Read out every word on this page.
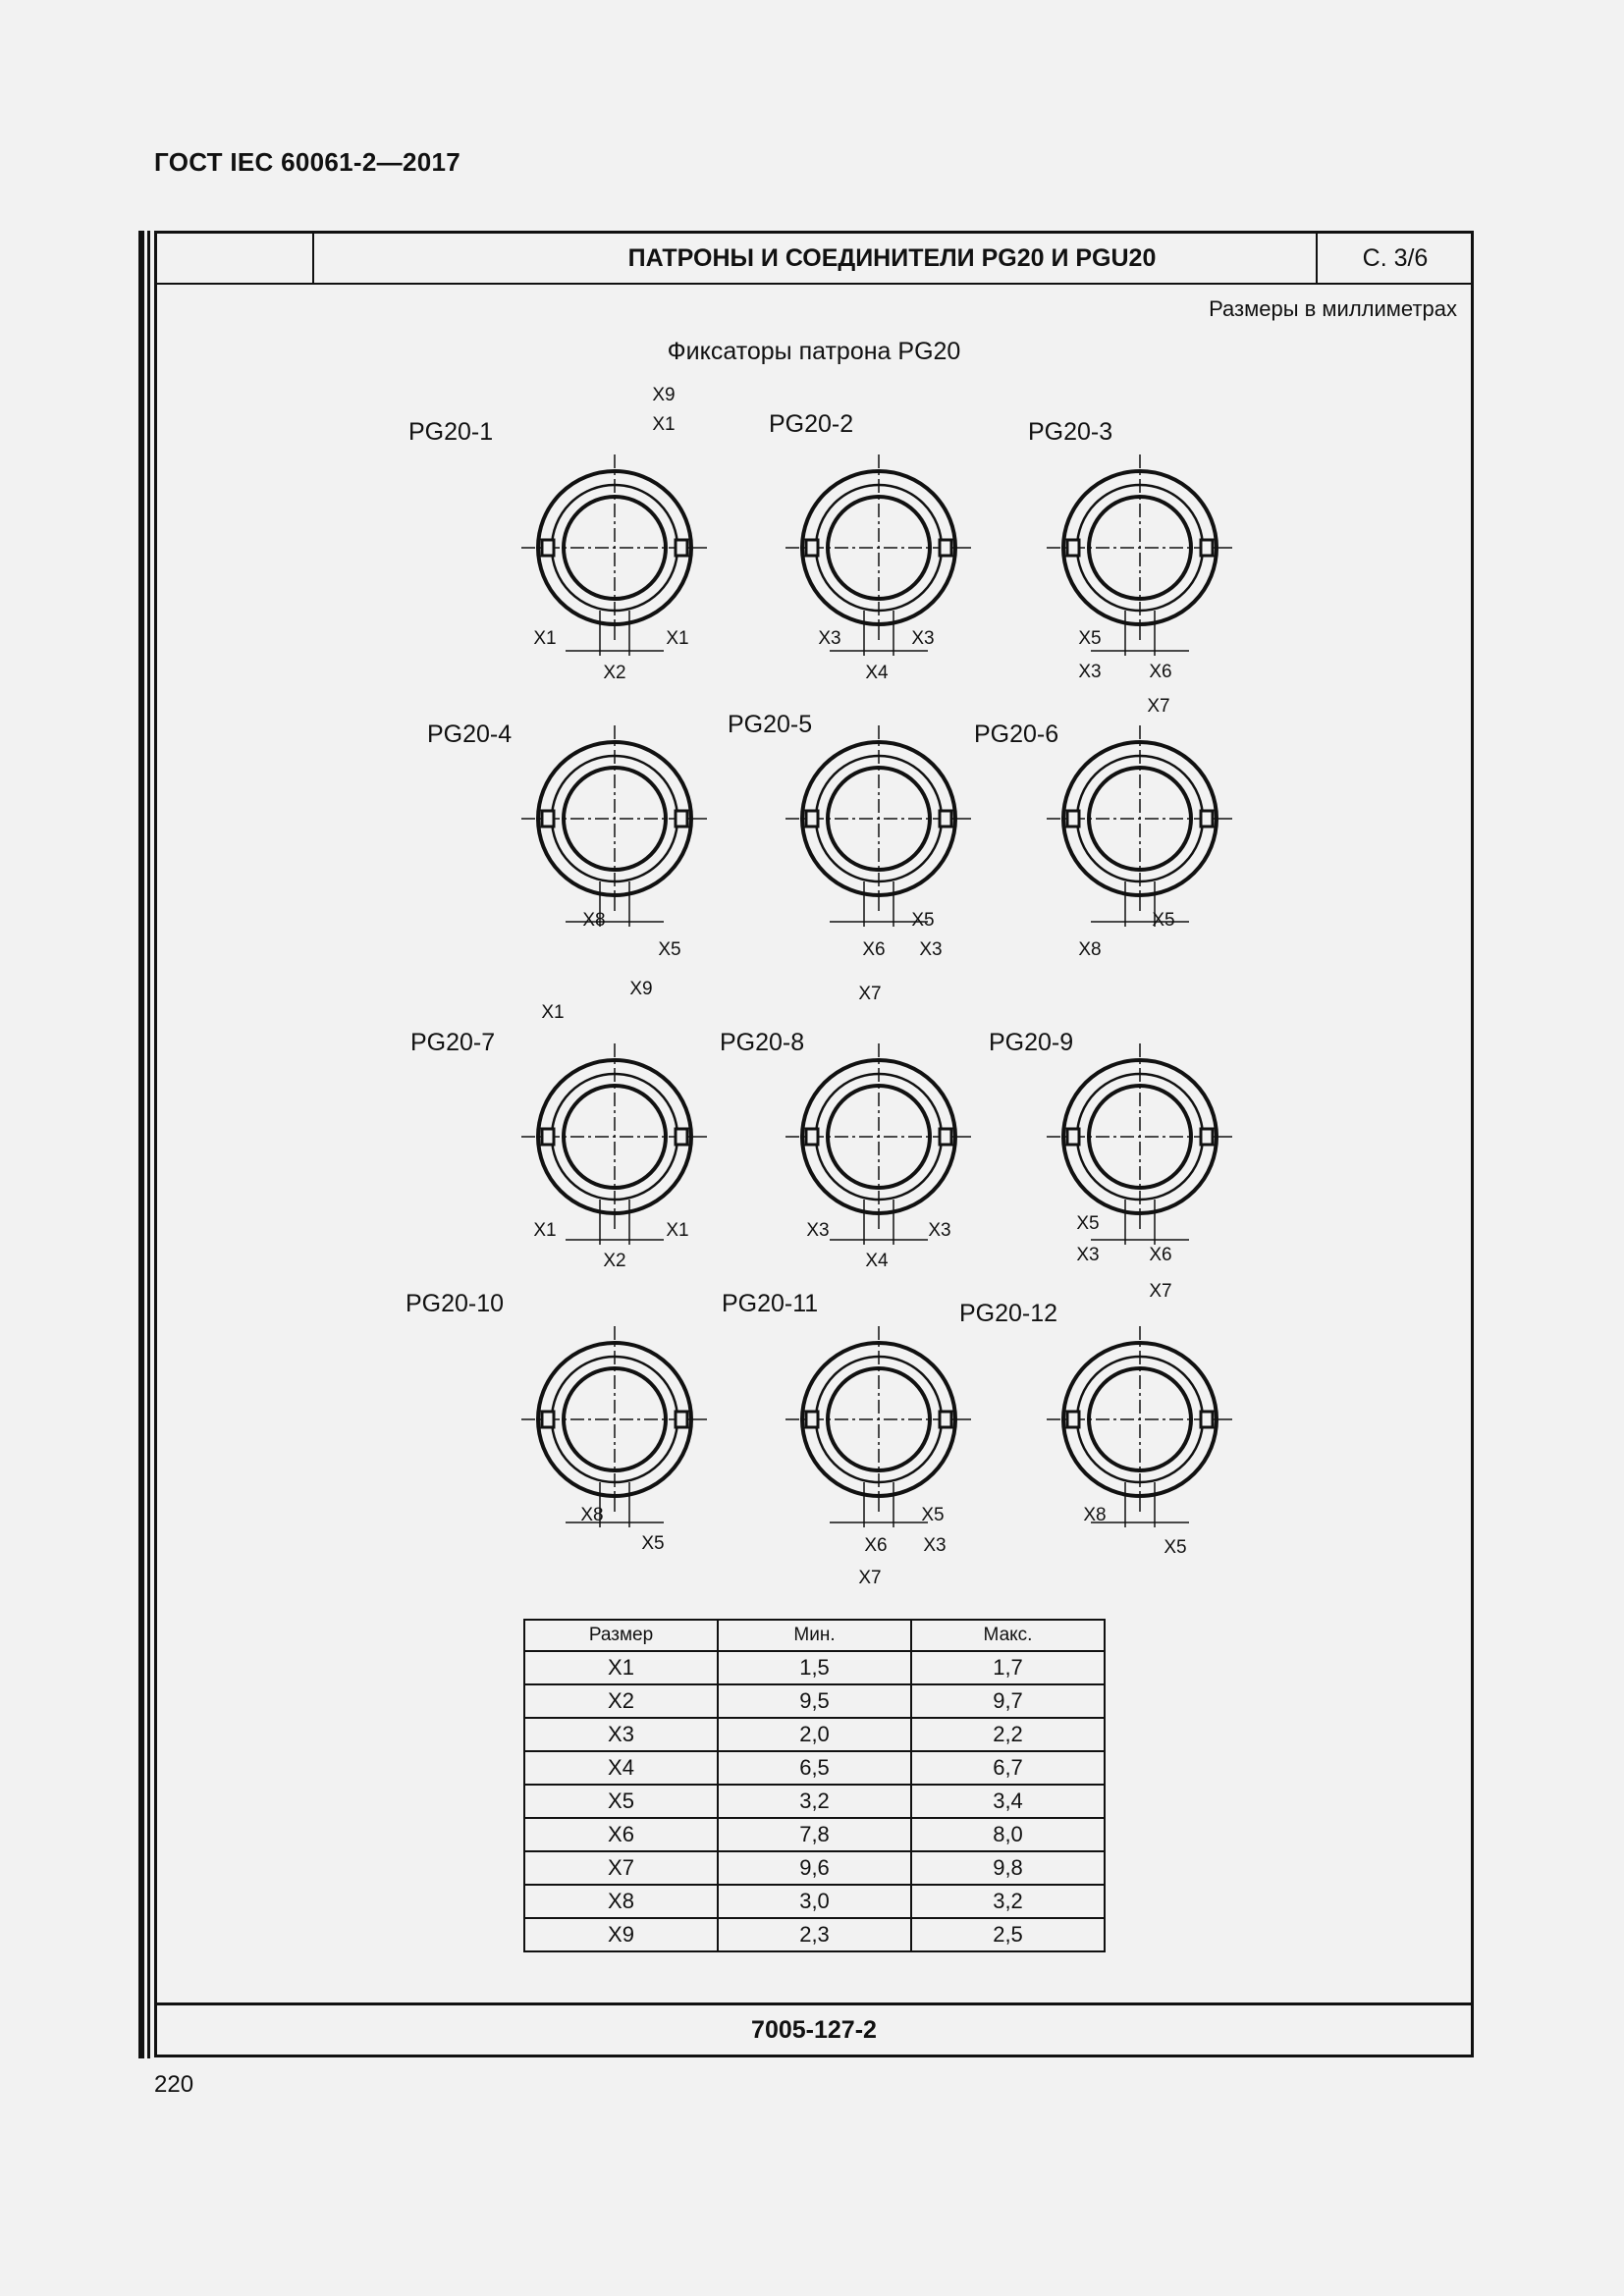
ГОСТ IEC 60061-2—2017
ПАТРОНЫ И СОЕДИНИТЕЛИ PG20 И PGU20	С. 3/6
Размеры в миллиметрах
Фиксаторы патрона PG20
PG20-1
X9
X1
X1	X1
X2
PG20-2
X3	X3
X4
PG20-3
X5
X3	X6
X7
PG20-4
X8
X5
PG20-5
X5
X6 X3
X7
PG20-6
X8
X5
PG20-7
X9
X1
X1	X1
X2
PG20-8
X3	X3
X4
PG20-9
X5
X3	X6
X7
PG20-10
X8
X5
PG20-11
X5
X6 X3
X7
PG20-12
X8
X5
Размер	Мин.	Макс.
X1	1,5	1,7
X2	9,5	9,7
X3	2,0	2,2
X4	6,5	6,7
X5	3,2	3,4
X6	7,8	8,0
X7	9,6	9,8
X8	3,0	3,2
X9	2,3	2,5
7005-127-2
220
